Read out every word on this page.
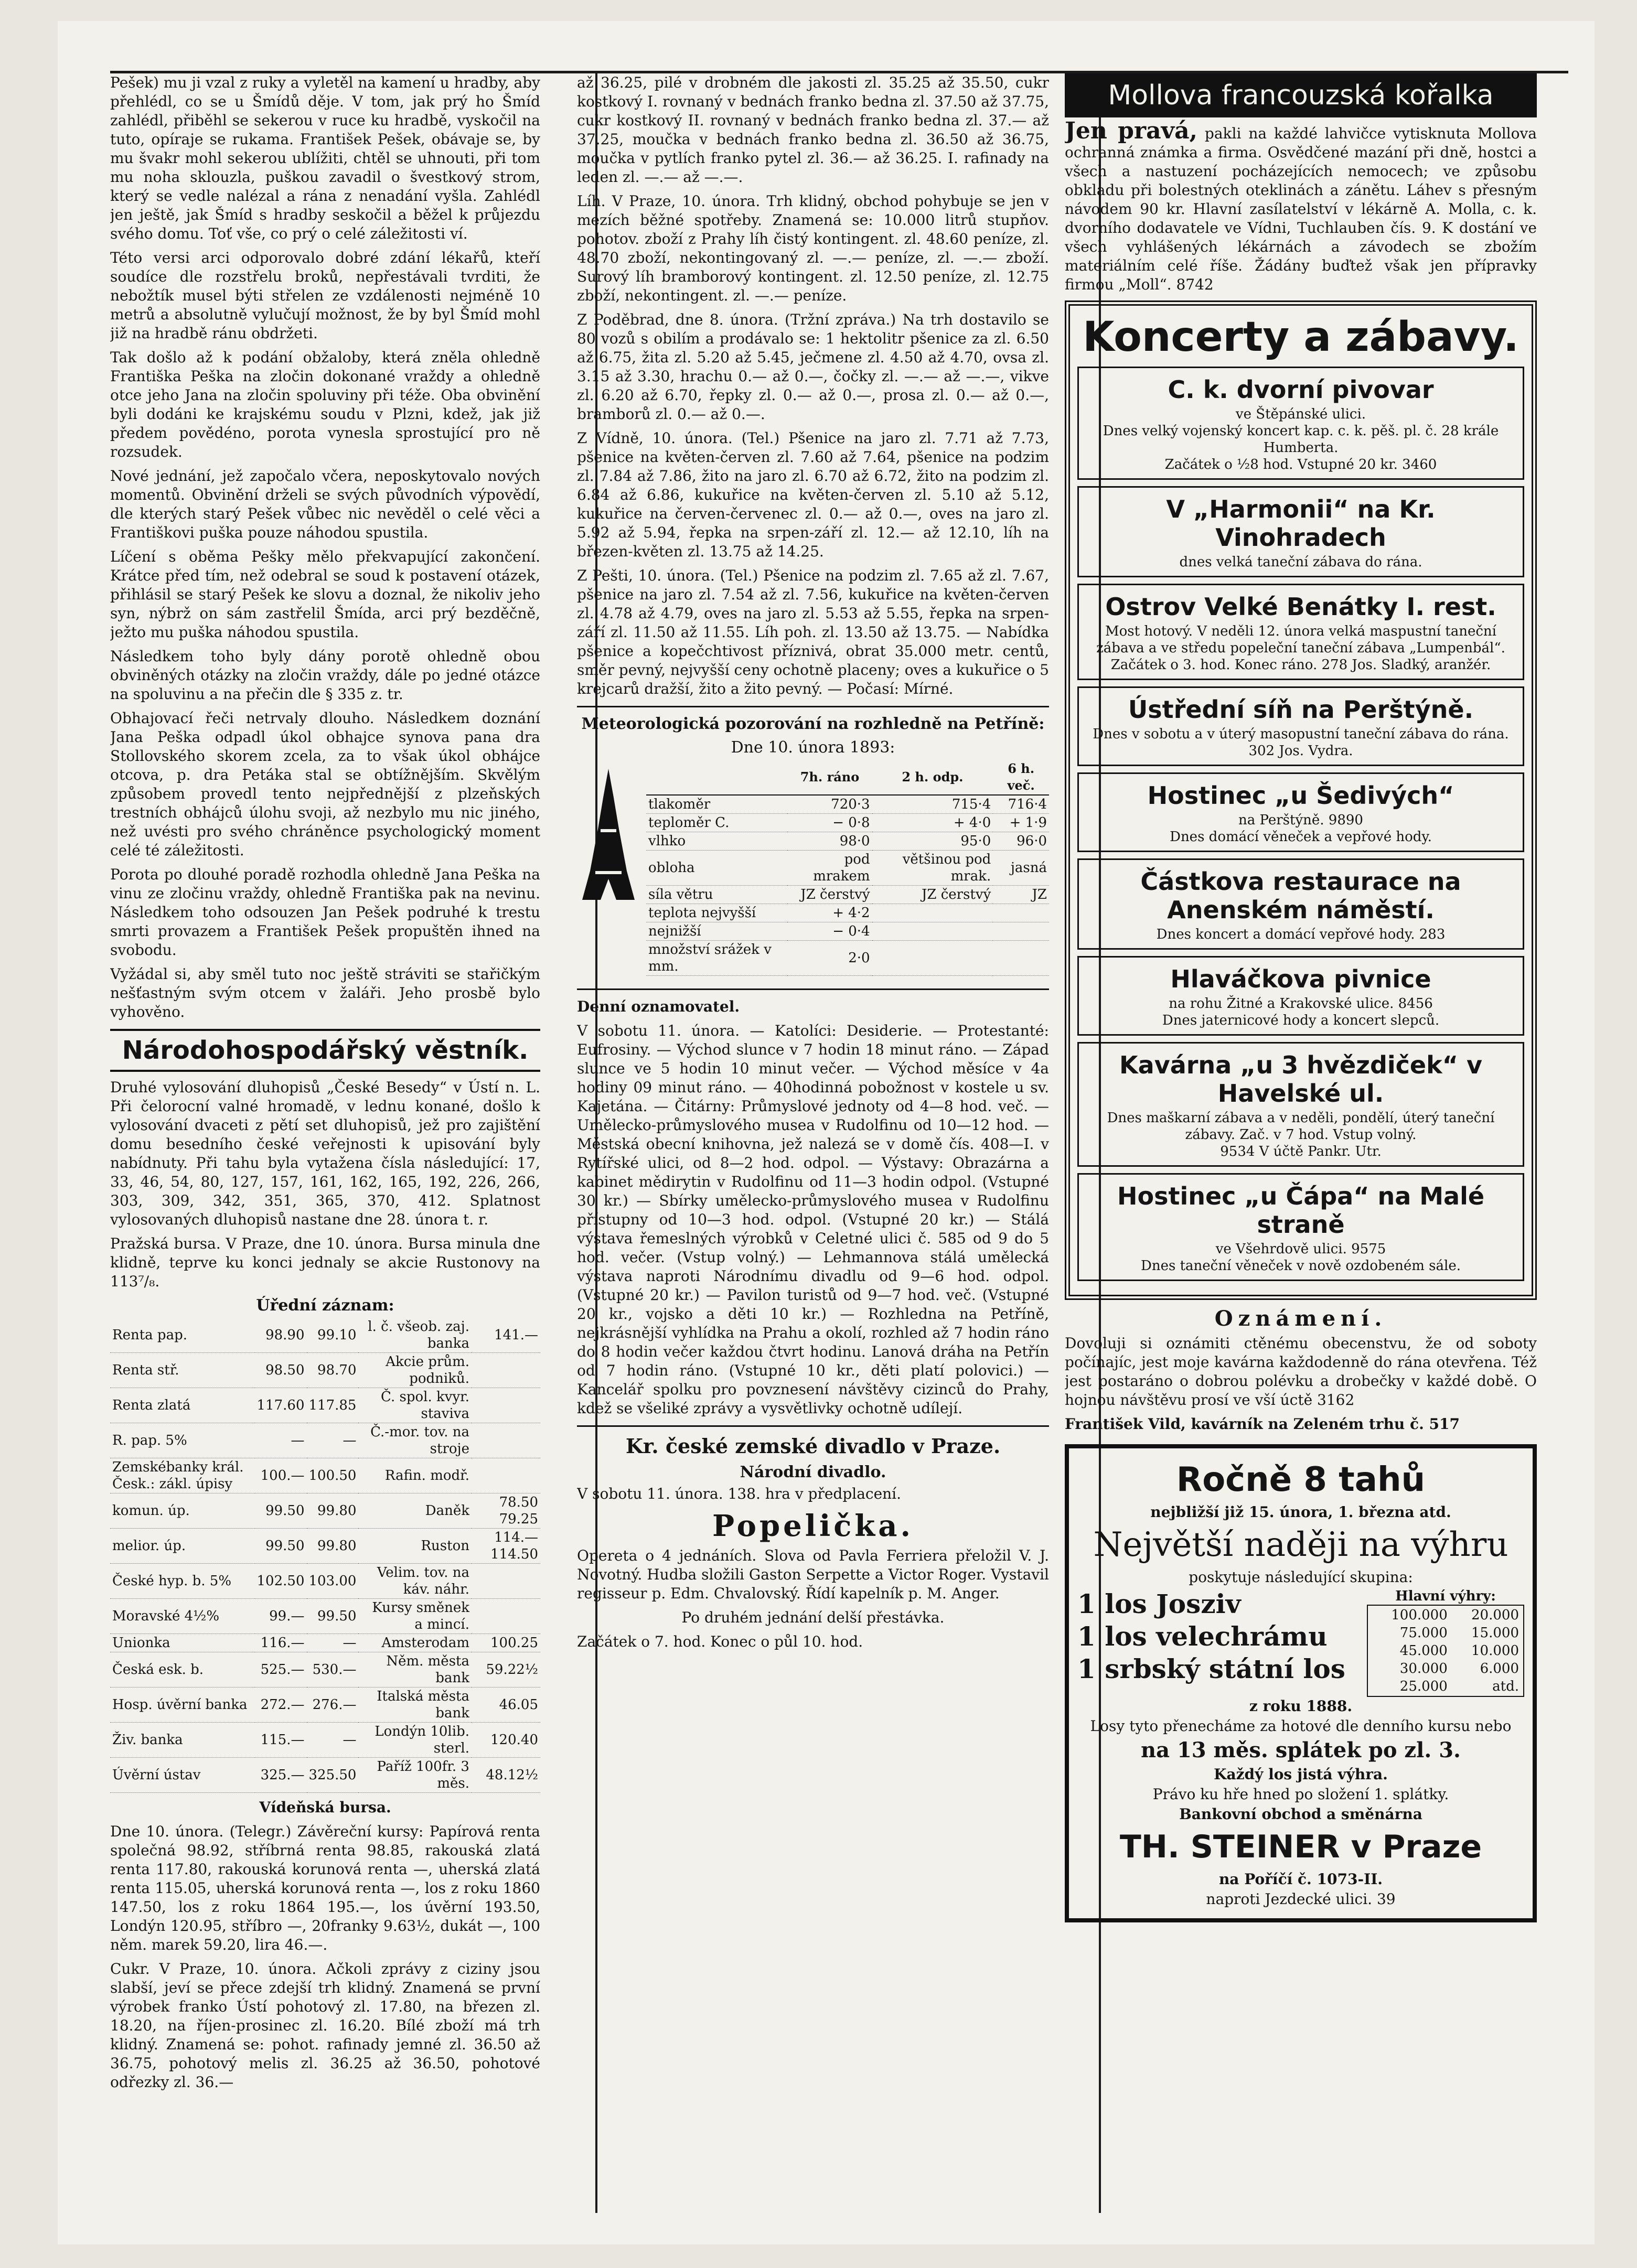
Pešek) mu ji vzal z ruky a vyletěl na kamení u hradby, aby přehlédl, co se u Šmídů děje. V tom, jak prý ho Šmíd zahlédl, přiběhl se sekerou v ruce ku hradbě, vyskočil na tuto, opíraje se rukama. František Pešek, obávaje se, by mu švakr mohl sekerou ublížiti, chtěl se uhnouti, při tom mu noha sklouzla, puškou zavadil o švestkový strom, který se vedle nalézal a rána z nenadání vyšla. Zahlédl jen ještě, jak Šmíd s hradby seskočil a běžel k průjezdu svého domu. Toť vše, co prý o celé záležitosti ví.

Této versi arci odporovalo dobré zdání lékařů, kteří soudíce dle rozstřelu broků, nepřestávali tvrditi, že nebožtík musel býti střelen ze vzdálenosti nejméně 10 metrů a absolutně vylučují možnost, že by byl Šmíd mohl již na hradbě ránu obdržeti.

Tak došlo až k podání obžaloby, která zněla ohledně Františka Peška na zločin dokonané vraždy a ohledně otce jeho Jana na zločin spoluviny při téže. Oba obvinění byli dodáni ke krajskému soudu v Plzni, kdež, jak již předem povědéno, porota vynesla sprostující pro ně rozsudek.

Nové jednání, jež započalo včera, neposkytovalo nových momentů. Obvinění drželi se svých původních výpovědí, dle kterých starý Pešek vůbec nic nevěděl o celé věci a Františkovi puška pouze náhodou spustila.

Líčení s oběma Pešky mělo překvapující zakončení. Krátce před tím, než odebral se soud k postavení otázek, přihlásil se starý Pešek ke slovu a doznal, že nikoliv jeho syn, nýbrž on sám zastřelil Šmída, arci prý bezděčně, ježto mu puška náhodou spustila.

Následkem toho byly dány porotě ohledně obou obviněných otázky na zločin vraždy, dále po jedné otázce na spoluvinu a na přečin dle § 335 z. tr.

Obhajovací řeči netrvaly dlouho. Následkem doznání Jana Peška odpadl úkol obhajce synova pana dra Stollovského skorem zcela, za to však úkol obhájce otcova, p. dra Petáka stal se obtížnějším. Skvělým způsobem provedl tento nejpřednější z plzeňských trestních obhájců úlohu svoji, až nezbylo mu nic jiného, než uvésti pro svého chráněnce psychologický moment celé té záležitosti.

Porota po dlouhé poradě rozhodla ohledně Jana Peška na vinu ze zločinu vraždy, ohledně Františka pak na nevinu. Následkem toho odsouzen Jan Pešek podruhé k trestu smrti provazem a František Pešek propuštěn ihned na svobodu.

Vyžádal si, aby směl tuto noc ještě stráviti se stařičkým nešťastným svým otcem v žaláři. Jeho prosbě bylo vyhověno.

Národohospodářský věstník.

Druhé vylosování dluhopisů „České Besedy“ v Ústí n. L. Při čelorocní valné hromadě, v lednu konané, došlo k vylosování dvaceti z pětí set dluhopisů, jež pro zajištění domu besedního české veřejnosti k upisování byly nabídnuty. Při tahu byla vytažena čísla následující: 17, 33, 46, 54, 80, 127, 157, 161, 162, 165, 192, 226, 266, 303, 309, 342, 351, 365, 370, 412. Splatnost vylosovaných dluhopisů nastane dne 28. února t. r.

Pražská bursa. V Praze, dne 10. února. Bursa minula dne klidně, teprve ku konci jednaly se akcie Rustonovy na 113⁷/₈.

Úřední záznam:
Renta pap.	98.90	99.10	l. č. všeob. zaj. banka	141.—
Renta stř.	98.50	98.70	Akcie prům. podniků.	
Renta zlatá	117.60	117.85	Č. spol. kvyr. staviva	
R. pap. 5%	—	—	Č.-mor. tov. na stroje	
Zemskébanky král. Česk.: zákl. úpisy	100.—	100.50	Rafin. modř.	
komun. úp.	99.50	99.80	Daněk	78.50 79.25
melior. úp.	99.50	99.80	Ruston	114.— 114.50
České hyp. b. 5%	102.50	103.00	Velim. tov. na káv. náhr.	
Moravské 4½%	99.—	99.50	Kursy směnek a mincí.	
Unionka	116.—	—	Amsterodam	100.25
Česká esk. b.	525.—	530.—	Něm. města bank	59.22½
Hosp. úvěrní banka	272.—	276.—	Italská města bank	46.05
Živ. banka	115.—	—	Londýn 10lib. sterl.	120.40
Úvěrní ústav	325.—	325.50	Paříž 100fr. 3 měs.	48.12½

Vídeňská bursa.

Dne 10. února. (Telegr.) Závěreční kursy: Papírová renta společná 98.92, stříbrná renta 98.85, rakouská zlatá renta 117.80, rakouská korunová renta —, uherská zlatá renta 115.05, uherská korunová renta —, los z roku 1860 147.50, los z roku 1864 195.—, los úvěrní 193.50, Londýn 120.95, stříbro —, 20franky 9.63½, dukát —, 100 něm. marek 59.20, lira 46.—.

Cukr. V Praze, 10. února. Ačkoli zprávy z ciziny jsou slabší, jeví se přece zdejší trh klidný. Znamená se první výrobek franko Ústí pohotový zl. 17.80, na březen zl. 18.20, na říjen-prosinec zl. 16.20. Bílé zboží má trh klidný. Znamená se: pohot. rafinady jemné zl. 36.50 až 36.75, pohotový melis zl. 36.25 až 36.50, pohotové odřezky zl. 36.—

až 36.25, pilé v drobném dle jakosti zl. 35.25 až 35.50, cukr kostkový I. rovnaný v bednách franko bedna zl. 37.50 až 37.75, cukr kostkový II. rovnaný v bednách franko bedna zl. 37.— až 37.25, moučka v bednách franko bedna zl. 36.50 až 36.75, moučka v pytlích franko pytel zl. 36.— až 36.25. I. rafinady na leden zl. —.— až —.—.

Líh. V Praze, 10. února. Trh klidný, obchod pohybuje se jen v mezích běžné spotřeby. Znamená se: 10.000 litrů stupňov. pohotov. zboží z Prahy líh čistý kontingent. zl. 48.60 peníze, zl. 48.70 zboží, nekontingovaný zl. —.— peníze, zl. —.— zboží. Surový líh bramborový kontingent. zl. 12.50 peníze, zl. 12.75 zboží, nekontingent. zl. —.— peníze.

Z Poděbrad, dne 8. února. (Tržní zpráva.) Na trh dostavilo se 80 vozů s obilím a prodávalo se: 1 hektolitr pšenice za zl. 6.50 až 6.75, žita zl. 5.20 až 5.45, ječmene zl. 4.50 až 4.70, ovsa zl. 3.15 až 3.30, hrachu 0.— až 0.—, čočky zl. —.— až —.—, vikve zl. 6.20 až 6.70, řepky zl. 0.— až 0.—, prosa zl. 0.— až 0.—, bramborů zl. 0.— až 0.—.

Z Vídně, 10. února. (Tel.) Pšenice na jaro zl. 7.71 až 7.73, pšenice na květen-červen zl. 7.60 až 7.64, pšenice na podzim zl. 7.84 až 7.86, žito na jaro zl. 6.70 až 6.72, žito na podzim zl. 6.84 až 6.86, kukuřice na květen-červen zl. 5.10 až 5.12, kukuřice na červen-červenec zl. 0.— až 0.—, oves na jaro zl. 5.92 až 5.94, řepka na srpen-září zl. 12.— až 12.10, líh na březen-květen zl. 13.75 až 14.25.

Z Pešti, 10. února. (Tel.) Pšenice na podzim zl. 7.65 až zl. 7.67, pšenice na jaro zl. 7.54 až zl. 7.56, kukuřice na květen-červen zl. 4.78 až 4.79, oves na jaro zl. 5.53 až 5.55, řepka na srpen-září zl. 11.50 až 11.55. Líh poh. zl. 13.50 až 13.75. — Nabídka pšenice a kopečchtivost příznivá, obrat 35.000 metr. centů, směr pevný, nejvyšší ceny ochotně placeny; oves a kukuřice o 5 krejcarů dražší, žito a žito pevný. — Počasí: Mírné.

Meteorologická pozorování na rozhledně na Petříně:
Dne 10. února 1893:
	7h. ráno	2 h. odp.	6 h. več.
tlakoměr	720·3	715·4	716·4
teploměr C.	− 0·8	+ 4·0	+ 1·9
vlhko	98·0	95·0	96·0
obloha	pod mrakem	většinou pod mrak.	jasná
síla větru	JZ čerstvý	JZ čerstvý	JZ
teplota nejvyšší	+ 4·2		
nejnižší	− 0·4		
množství srážek v mm.	2·0		

Denní oznamovatel.

V sobotu 11. února. — Katolíci: Desiderie. — Protestanté: Eufrosiny. — Východ slunce v 7 hodin 18 minut ráno. — Západ slunce ve 5 hodin 10 minut večer. — Východ měsíce v 4a hodiny 09 minut ráno. — 40hodinná pobožnost v kostele u sv. Kajetána. — Čitárny: Průmyslové jednoty od 4—8 hod. več. — Umělecko-průmyslového musea v Rudolfinu od 10—12 hod. — Městská obecní knihovna, jež nalezá se v domě čís. 408—I. v Rytířské ulici, od 8—2 hod. odpol. — Výstavy: Obrazárna a kabinet mědirytin v Rudolfinu od 11—3 hodin odpol. (Vstupné 30 kr.) — Sbírky umělecko-průmyslového musea v Rudolfinu přístupny od 10—3 hod. odpol. (Vstupné 20 kr.) — Stálá výstava řemeslných výrobků v Celetné ulici č. 585 od 9 do 5 hod. večer. (Vstup volný.) — Lehmannova stálá umělecká výstava naproti Národnímu divadlu od 9—6 hod. odpol. (Vstupné 20 kr.) — Pavilon turistů od 9—7 hod. več. (Vstupné 20 kr., vojsko a děti 10 kr.) — Rozhledna na Petříně, nejkrásnější vyhlídka na Prahu a okolí, rozhled až 7 hodin ráno do 8 hodin večer každou čtvrt hodinu. Lanová dráha na Petřín od 7 hodin ráno. (Vstupné 10 kr., děti platí polovici.) — Kancelář spolku pro povznesení návštěvy cizinců do Prahy, kdež se všeliké zprávy a vysvětlivky ochotně udílejí.

Kr. české zemské divadlo v Praze.
Národní divadlo.

V sobotu 11. února. 138. hra v předplacení.

Popelička.

Opereta o 4 jednáních. Slova od Pavla Ferriera přeložil V. J. Novotný. Hudba složili Gaston Serpette a Victor Roger. Vystavil regisseur p. Edm. Chvalovský. Řídí kapelník p. M. Anger.

Po druhém jednání delší přestávka.

Začátek o 7. hod. Konec o půl 10. hod.

Mollova francouzská kořalka

Jen pravá, pakli na každé lahvičce vytisknuta Mollova ochranná známka a firma. Osvědčené mazání při dně, hostci a všech a nastuzení pocházejících nemocech; ve způsobu obkladu při bolestných oteklinách a zánětu. Láhev s přesným návodem 90 kr. Hlavní zasílatelství v lékárně A. Molla, c. k. dvorního dodavatele ve Vídni, Tuchlauben čís. 9. K dostání ve všech vyhlášených lékárnách a závodech se zbožím materiálním celé říše. Žádány buďtež však jen přípravky firmou „Moll“. 8742

Koncerty a zábavy.
C. k. dvorní pivovar

ve Štěpánské ulici.

Dnes velký vojenský koncert kap. c. k. pěš. pl. č. 28 krále Humberta.

Začátek o ½8 hod. Vstupné 20 kr. 3460

V „Harmonii“ na Kr. Vinohradech

dnes velká taneční zábava do rána.

Ostrov Velké Benátky I. rest.

Most hotový. V neděli 12. února velká maspustní taneční zábava a ve středu popeleční taneční zábava „Lumpenbál“. Začátek o 3. hod. Konec ráno. 278 Jos. Sladký, aranžér.

Ústřední síň na Perštýně.

Dnes v sobotu a v úterý masopustní taneční zábava do rána. 302 Jos. Vydra.

Hostinec „u Šedivých“

na Perštýně. 9890

Dnes domácí věneček a vepřové hody.

Částkova restaurace na Anenském náměstí.

Dnes koncert a domácí vepřové hody. 283

Hlaváčkova pivnice

na rohu Žitné a Krakovské ulice. 8456

Dnes jaternicové hody a koncert slepců.

Kavárna „u 3 hvězdiček“ v Havelské ul.

Dnes maškarní zábava a v neděli, pondělí, úterý taneční zábavy. Zač. v 7 hod. Vstup volný.

9534 V účtě Pankr. Utr.

Hostinec „u Čápa“ na Malé straně

ve Všehrdově ulici. 9575

Dnes taneční věneček v nově ozdobeném sále.

Oznámení.

Dovoluji si oznámiti ctěnému obecenstvu, že od soboty počínajíc, jest moje kavárna každodenně do rána otevřena. Též jest postaráno o dobrou polévku a drobečky v každé době. O hojnou návštěvu prosí ve vší úctě 3162

František Vild, kavárník na Zeleném trhu č. 517

Ročně 8 tahů

nejbližší již 15. února, 1. března atd.

Největší naději na výhru

poskytuje následující skupina:

Hlavní výhry:
100.000	20.000
75.000	15.000
45.000	10.000
30.000	6.000
25.000	atd.
1 los Josziv
1 los velechrámu
1 srbský státní los

z roku 1888.

Losy tyto přenecháme za hotové dle denního kursu nebo

na 13 měs. splátek po zl. 3.

Každý los jistá výhra.

Právo ku hře hned po složení 1. splátky.

Bankovní obchod a směnárna

TH. STEINER v Praze

na Poříčí č. 1073-II.

naproti Jezdecké ulici. 39
